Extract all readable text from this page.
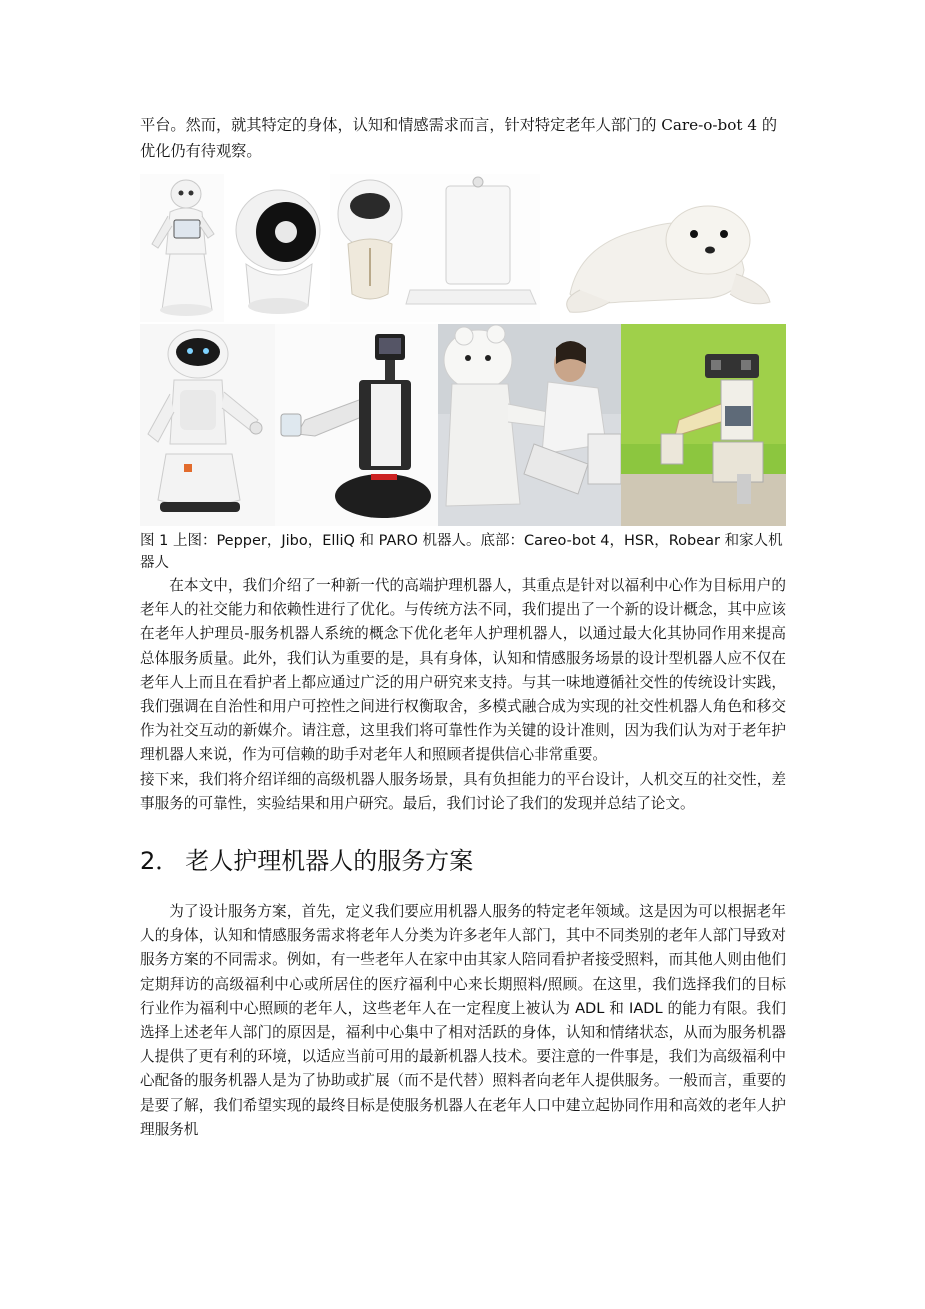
平台。然而，就其特定的身体，认知和情感需求而言，针对特定老年人部门的 Care-o-bot 4 的优化仍有待观察。

图 1 上图：Pepper，Jibo，ElliQ 和 PARO 机器人。底部：Careo-bot 4，HSR，Robear 和家人机器人

在本文中，我们介绍了一种新一代的高端护理机器人，其重点是针对以福利中心作为目标用户的老年人的社交能力和依赖性进行了优化。与传统方法不同，我们提出了一个新的设计概念，其中应该在老年人护理员-服务机器人系统的概念下优化老年人护理机器人，以通过最大化其协同作用来提高总体服务质量。此外，我们认为重要的是，具有身体，认知和情感服务场景的设计型机器人应不仅在老年人上而且在看护者上都应通过广泛的用户研究来支持。与其一味地遵循社交性的传统设计实践，我们强调在自治性和用户可控性之间进行权衡取舍，多模式融合成为实现的社交性机器人角色和移交作为社交互动的新媒介。请注意，这里我们将可靠性作为关键的设计准则，因为我们认为对于老年护理机器人来说，作为可信赖的助手对老年人和照顾者提供信心非常重要。

接下来，我们将介绍详细的高级机器人服务场景，具有负担能力的平台设计，人机交互的社交性，差事服务的可靠性，实验结果和用户研究。最后，我们讨论了我们的发现并总结了论文。

2． 老人护理机器人的服务方案

为了设计服务方案，首先，定义我们要应用机器人服务的特定老年领域。这是因为可以根据老年人的身体，认知和情感服务需求将老年人分类为许多老年人部门，其中不同类别的老年人部门导致对服务方案的不同需求。例如，有一些老年人在家中由其家人陪同看护者接受照料，而其他人则由他们定期拜访的高级福利中心或所居住的医疗福利中心来长期照料/照顾。在这里，我们选择我们的目标行业作为福利中心照顾的老年人，这些老年人在一定程度上被认为 ADL 和 IADL 的能力有限。我们选择上述老年人部门的原因是，福利中心集中了相对活跃的身体，认知和情绪状态，从而为服务机器人提供了更有利的环境，以适应当前可用的最新机器人技术。要注意的一件事是，我们为高级福利中心配备的服务机器人是为了协助或扩展（而不是代替）照料者向老年人提供服务。一般而言，重要的是要了解，我们希望实现的最终目标是使服务机器人在老年人口中建立起协同作用和高效的老年人护理服务机
